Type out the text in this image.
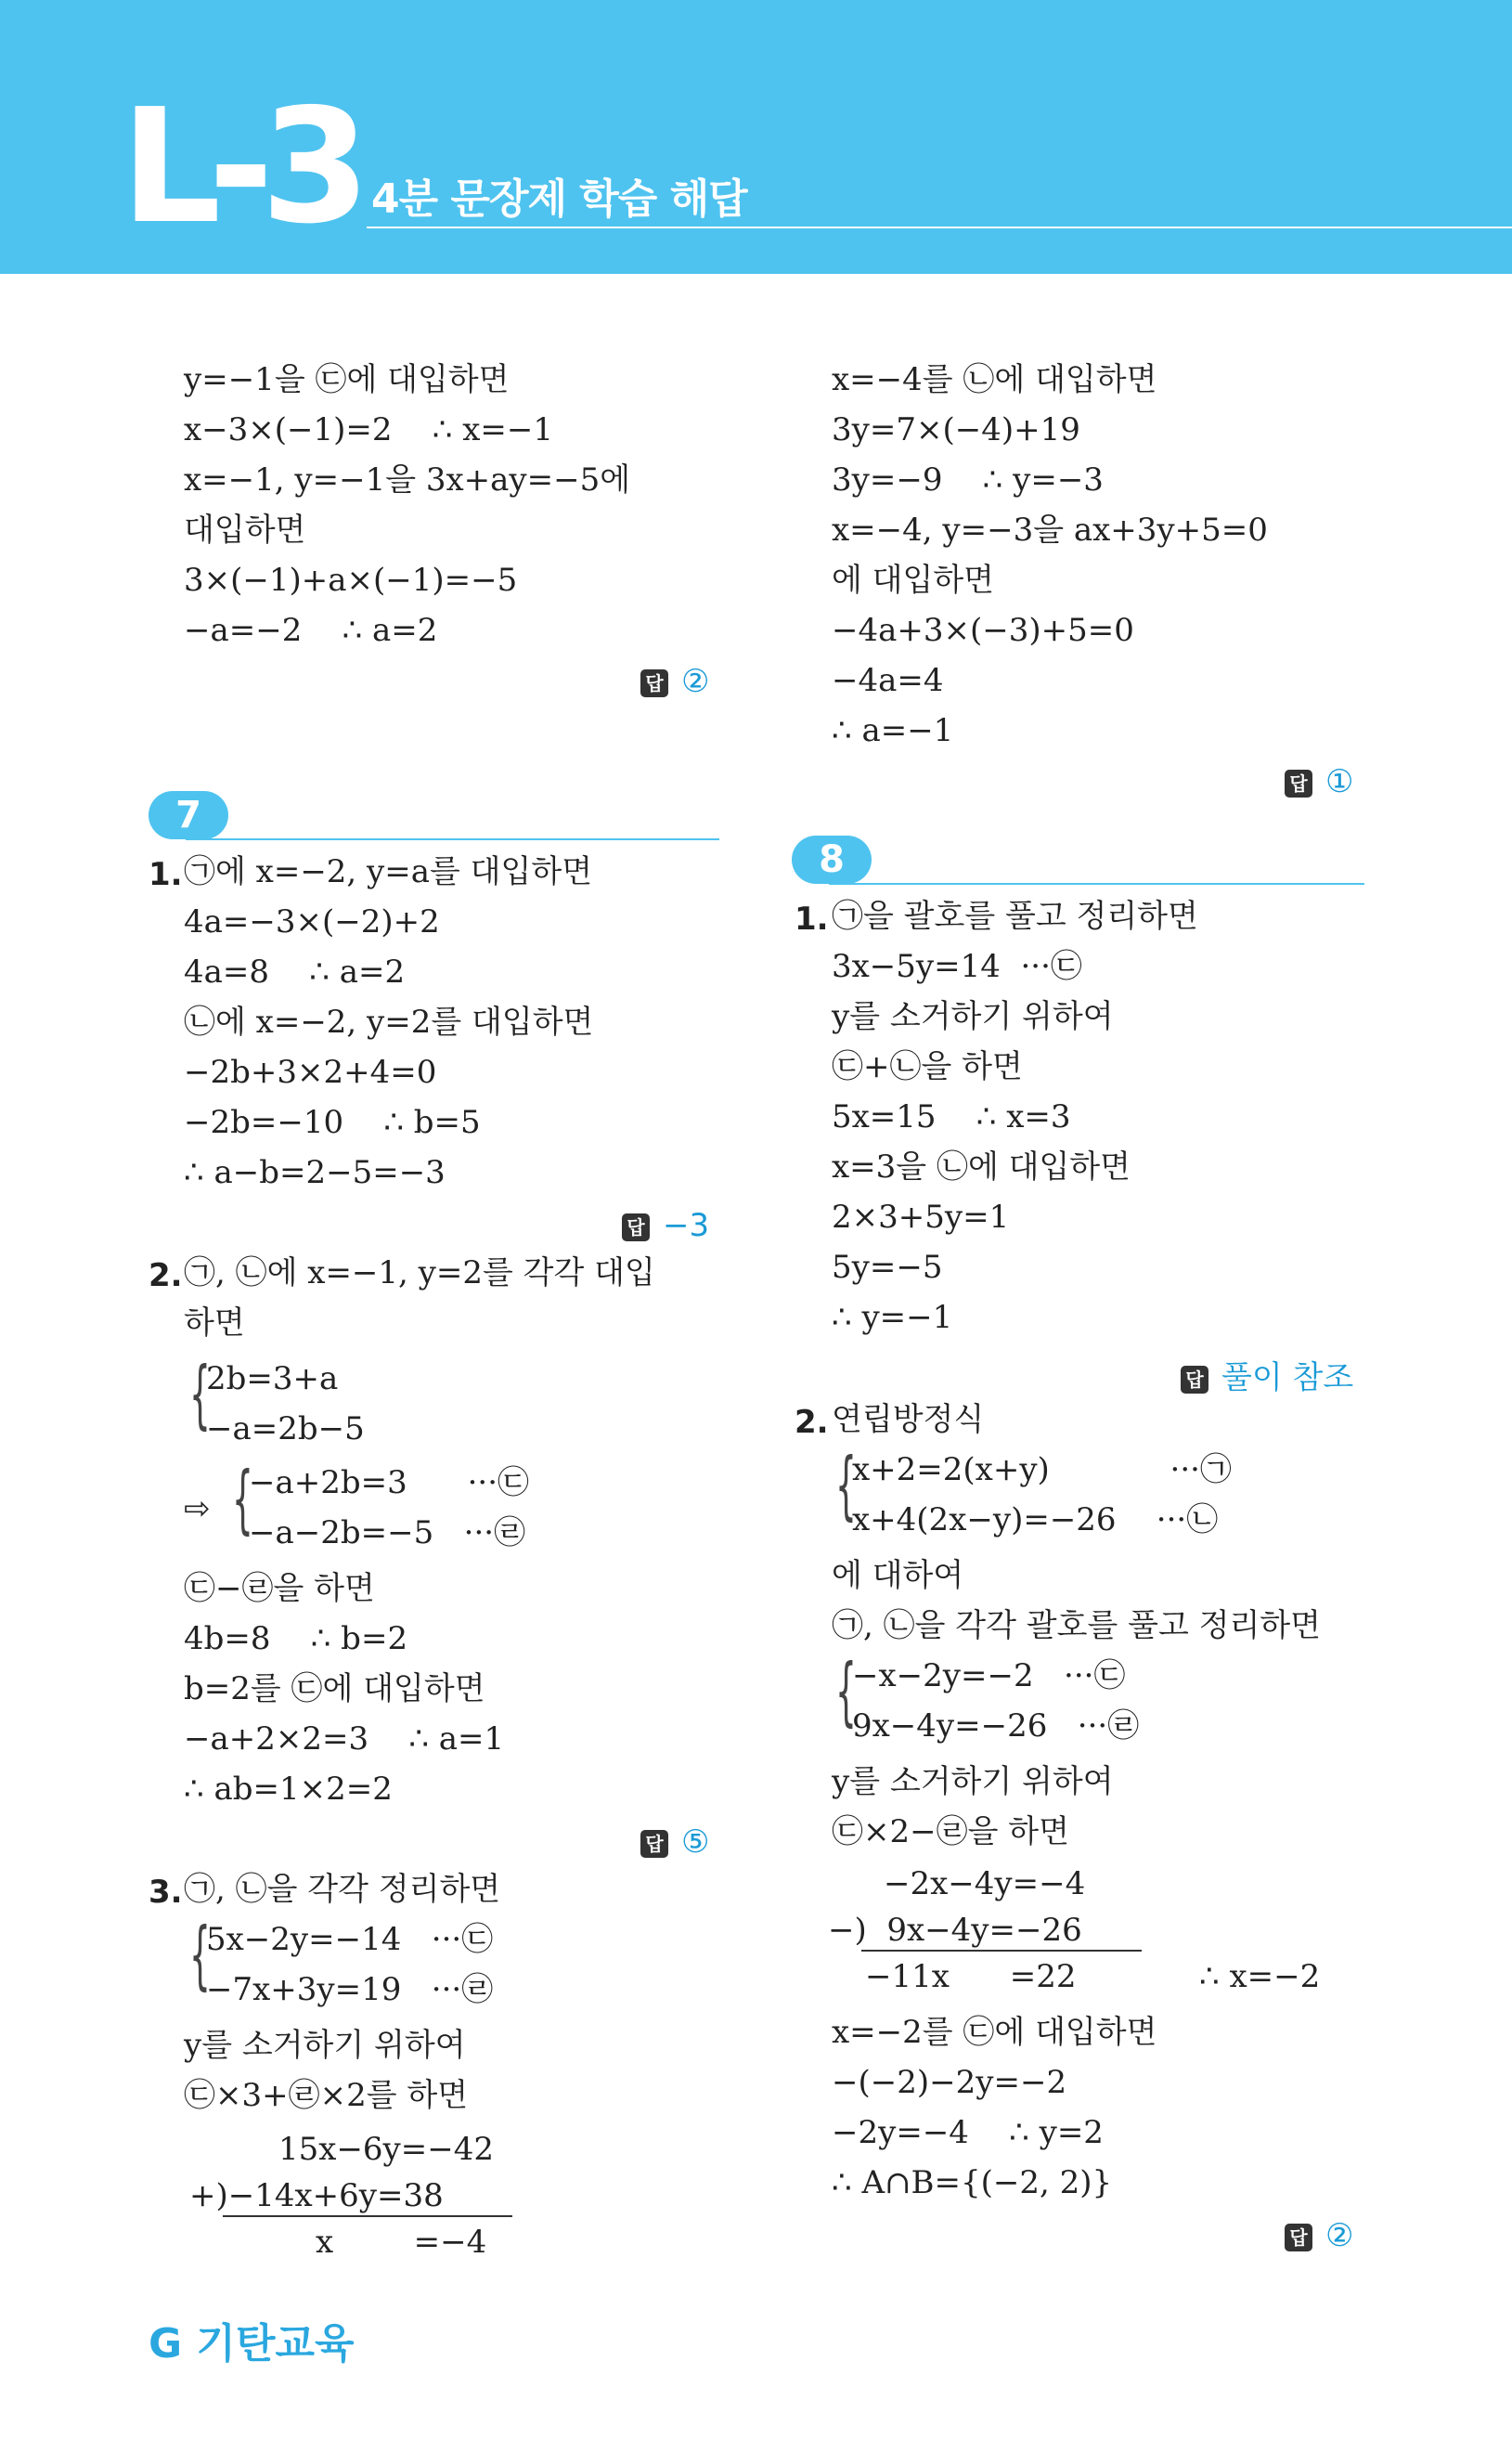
L-3 4분 문장제 학습 해답
y=−1을 ㉢에 대입하면
x−3×(−1)=2    ∴ x=−1
x=−1, y=−1을 3x+ay=−5에
대입하면
3×(−1)+a×(−1)=−5
−a=−2    ∴ a=2
답 ②
7
1. ㉠에 x=−2, y=a를 대입하면
4a=−3×(−2)+2
4a=8    ∴ a=2
㉡에 x=−2, y=2를 대입하면
−2b+3×2+4=0
−2b=−10    ∴ b=5
∴ a−b=2−5=−3
답 −3
2. ㉠, ㉡에 x=−1, y=2를 각각 대입
하면
{
2b=3+a
−a=2b−5
⇨ {
−a+2b=3      ···㉢
−a−2b=−5   ···㉣
㉢−㉣을 하면
4b=8    ∴ b=2
b=2를 ㉢에 대입하면
−a+2×2=3    ∴ a=1
∴ ab=1×2=2
답 ⑤
3. ㉠, ㉡을 각각 정리하면
{
5x−2y=−14   ···㉢
−7x+3y=19   ···㉣
y를 소거하기 위하여
㉢×3+㉣×2를 하면
15x−6y=−42
+)−14x+6y=38
x        =−4
x=−4를 ㉡에 대입하면
3y=7×(−4)+19
3y=−9    ∴ y=−3
x=−4, y=−3을 ax+3y+5=0
에 대입하면
−4a+3×(−3)+5=0
−4a=4
∴ a=−1
답 ①
8
1. ㉠을 괄호를 풀고 정리하면
3x−5y=14  ···㉢
y를 소거하기 위하여
㉢+㉡을 하면
5x=15    ∴ x=3
x=3을 ㉡에 대입하면
2×3+5y=1
5y=−5
∴ y=−1
답 풀이 참조
2. 연립방정식
{
x+2=2(x+y)            ···㉠
x+4(2x−y)=−26    ···㉡
에 대하여
㉠, ㉡을 각각 괄호를 풀고 정리하면
{
−x−2y=−2   ···㉢
9x−4y=−26   ···㉣
y를 소거하기 위하여
㉢×2−㉣을 하면
−2x−4y=−4
−)  9x−4y=−26
−11x      =22	∴ x=−2
x=−2를 ㉢에 대입하면
−(−2)−2y=−2
−2y=−4    ∴ y=2
∴ A∩B={(−2, 2)}
답 ②
G 기탄교육
